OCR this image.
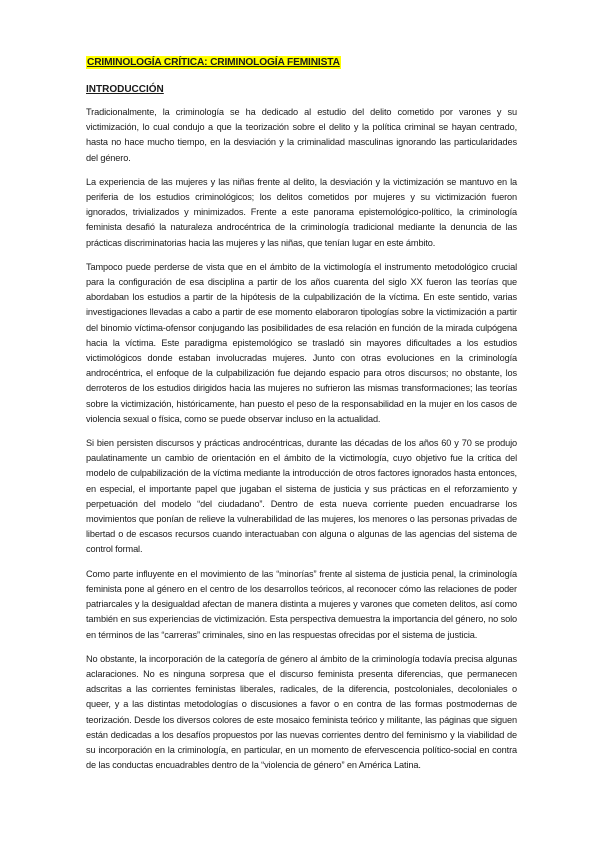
CRIMINOLOGÍA CRÍTICA: CRIMINOLOGÍA FEMINISTA
INTRODUCCIÓN

Tradicionalmente, la criminología se ha dedicado al estudio del delito cometido por varones y su victimización, lo cual condujo a que la teorización sobre el delito y la política criminal se hayan centrado, hasta no hace mucho tiempo, en la desviación y la criminalidad masculinas ignorando las particularidades del género.

La experiencia de las mujeres y las niñas frente al delito, la desviación y la victimización se mantuvo en la periferia de los estudios criminológicos; los delitos cometidos por mujeres y su victimización fueron ignorados, trivializados y minimizados. Frente a este panorama epistemológico-político, la criminología feminista desafió la naturaleza androcéntrica de la criminología tradicional mediante la denuncia de las prácticas discriminatorias hacia las mujeres y las niñas, que tenían lugar en este ámbito.

Tampoco puede perderse de vista que en el ámbito de la victimología el instrumento metodológico crucial para la configuración de esa disciplina a partir de los años cuarenta del siglo XX fueron las teorías que abordaban los estudios a partir de la hipótesis de la culpabilización de la víctima. En este sentido, varias investigaciones llevadas a cabo a partir de ese momento elaboraron tipologías sobre la victimización a partir del binomio víctima-ofensor conjugando las posibilidades de esa relación en función de la mirada culpógena hacia la víctima. Este paradigma epistemológico se trasladó sin mayores dificultades a los estudios victimológicos donde estaban involucradas mujeres. Junto con otras evoluciones en la criminología androcéntrica, el enfoque de la culpabilización fue dejando espacio para otros discursos; no obstante, los derroteros de los estudios dirigidos hacia las mujeres no sufrieron las mismas transformaciones; las teorías sobre la victimización, históricamente, han puesto el peso de la responsabilidad en la mujer en los casos de violencia sexual o física, como se puede observar incluso en la actualidad.

Si bien persisten discursos y prácticas androcéntricas, durante las décadas de los años 60 y 70 se produjo paulatinamente un cambio de orientación en el ámbito de la victimología, cuyo objetivo fue la crítica del modelo de culpabilización de la víctima mediante la introducción de otros factores ignorados hasta entonces, en especial, el importante papel que jugaban el sistema de justicia y sus prácticas en el reforzamiento y perpetuación del modelo “del ciudadano”. Dentro de esta nueva corriente pueden encuadrarse los movimientos que ponían de relieve la vulnerabilidad de las mujeres, los menores o las personas privadas de libertad o de escasos recursos cuando interactuaban con alguna o algunas de las agencias del sistema de control formal.

Como parte influyente en el movimiento de las “minorías” frente al sistema de justicia penal, la criminología feminista pone al género en el centro de los desarrollos teóricos, al reconocer cómo las relaciones de poder patriarcales y la desigualdad afectan de manera distinta a mujeres y varones que cometen delitos, así como también en sus experiencias de victimización. Esta perspectiva demuestra la importancia del género, no solo en términos de las “carreras” criminales, sino en las respuestas ofrecidas por el sistema de justicia.

No obstante, la incorporación de la categoría de género al ámbito de la criminología todavía precisa algunas aclaraciones. No es ninguna sorpresa que el discurso feminista presenta diferencias, que permanecen adscritas a las corrientes feministas liberales, radicales, de la diferencia, postcoloniales, decoloniales o queer, y a las distintas metodologías o discusiones a favor o en contra de las formas postmodernas de teorización. Desde los diversos colores de este mosaico feminista teórico y militante, las páginas que siguen están dedicadas a los desafíos propuestos por las nuevas corrientes dentro del feminismo y la viabilidad de su incorporación en la criminología, en particular, en un momento de efervescencia político-social en contra de las conductas encuadrables dentro de la “violencia de género” en América Latina.
